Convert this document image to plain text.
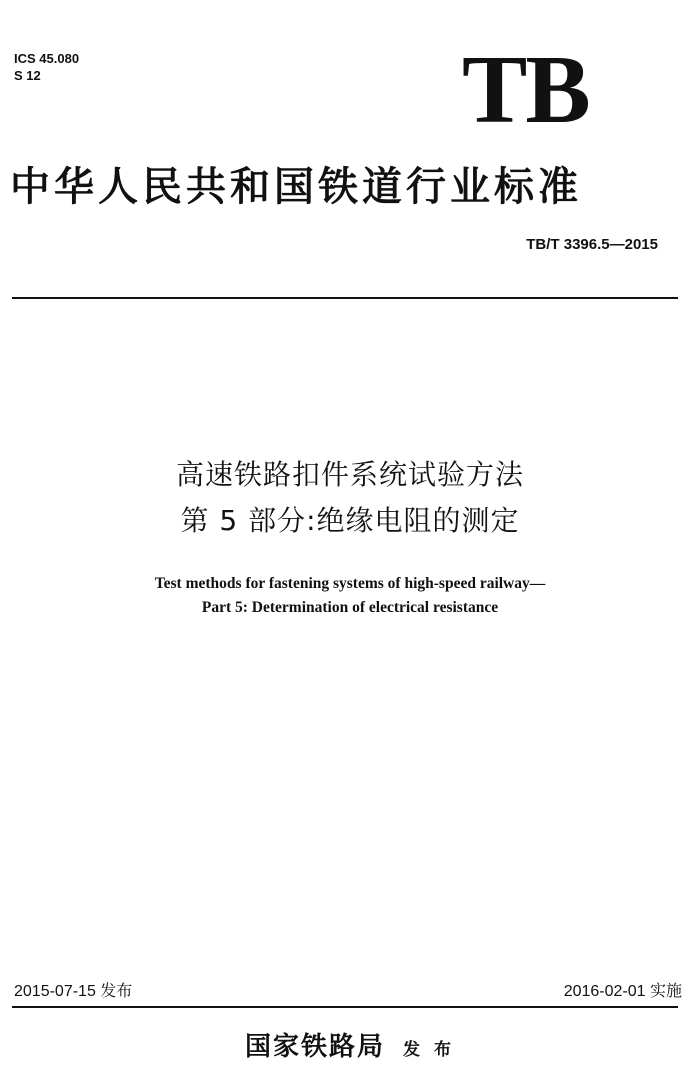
ICS 45.080
S 12	TB
中华人民共和国铁道行业标准
TB/T 3396.5—2015
高速铁路扣件系统试验方法
第 5 部分:绝缘电阻的测定
Test methods for fastening systems of high-speed railway—
Part 5: Determination of electrical resistance
2015-07-15 发布	2016-02-01 实施
国家铁路局 发 布
